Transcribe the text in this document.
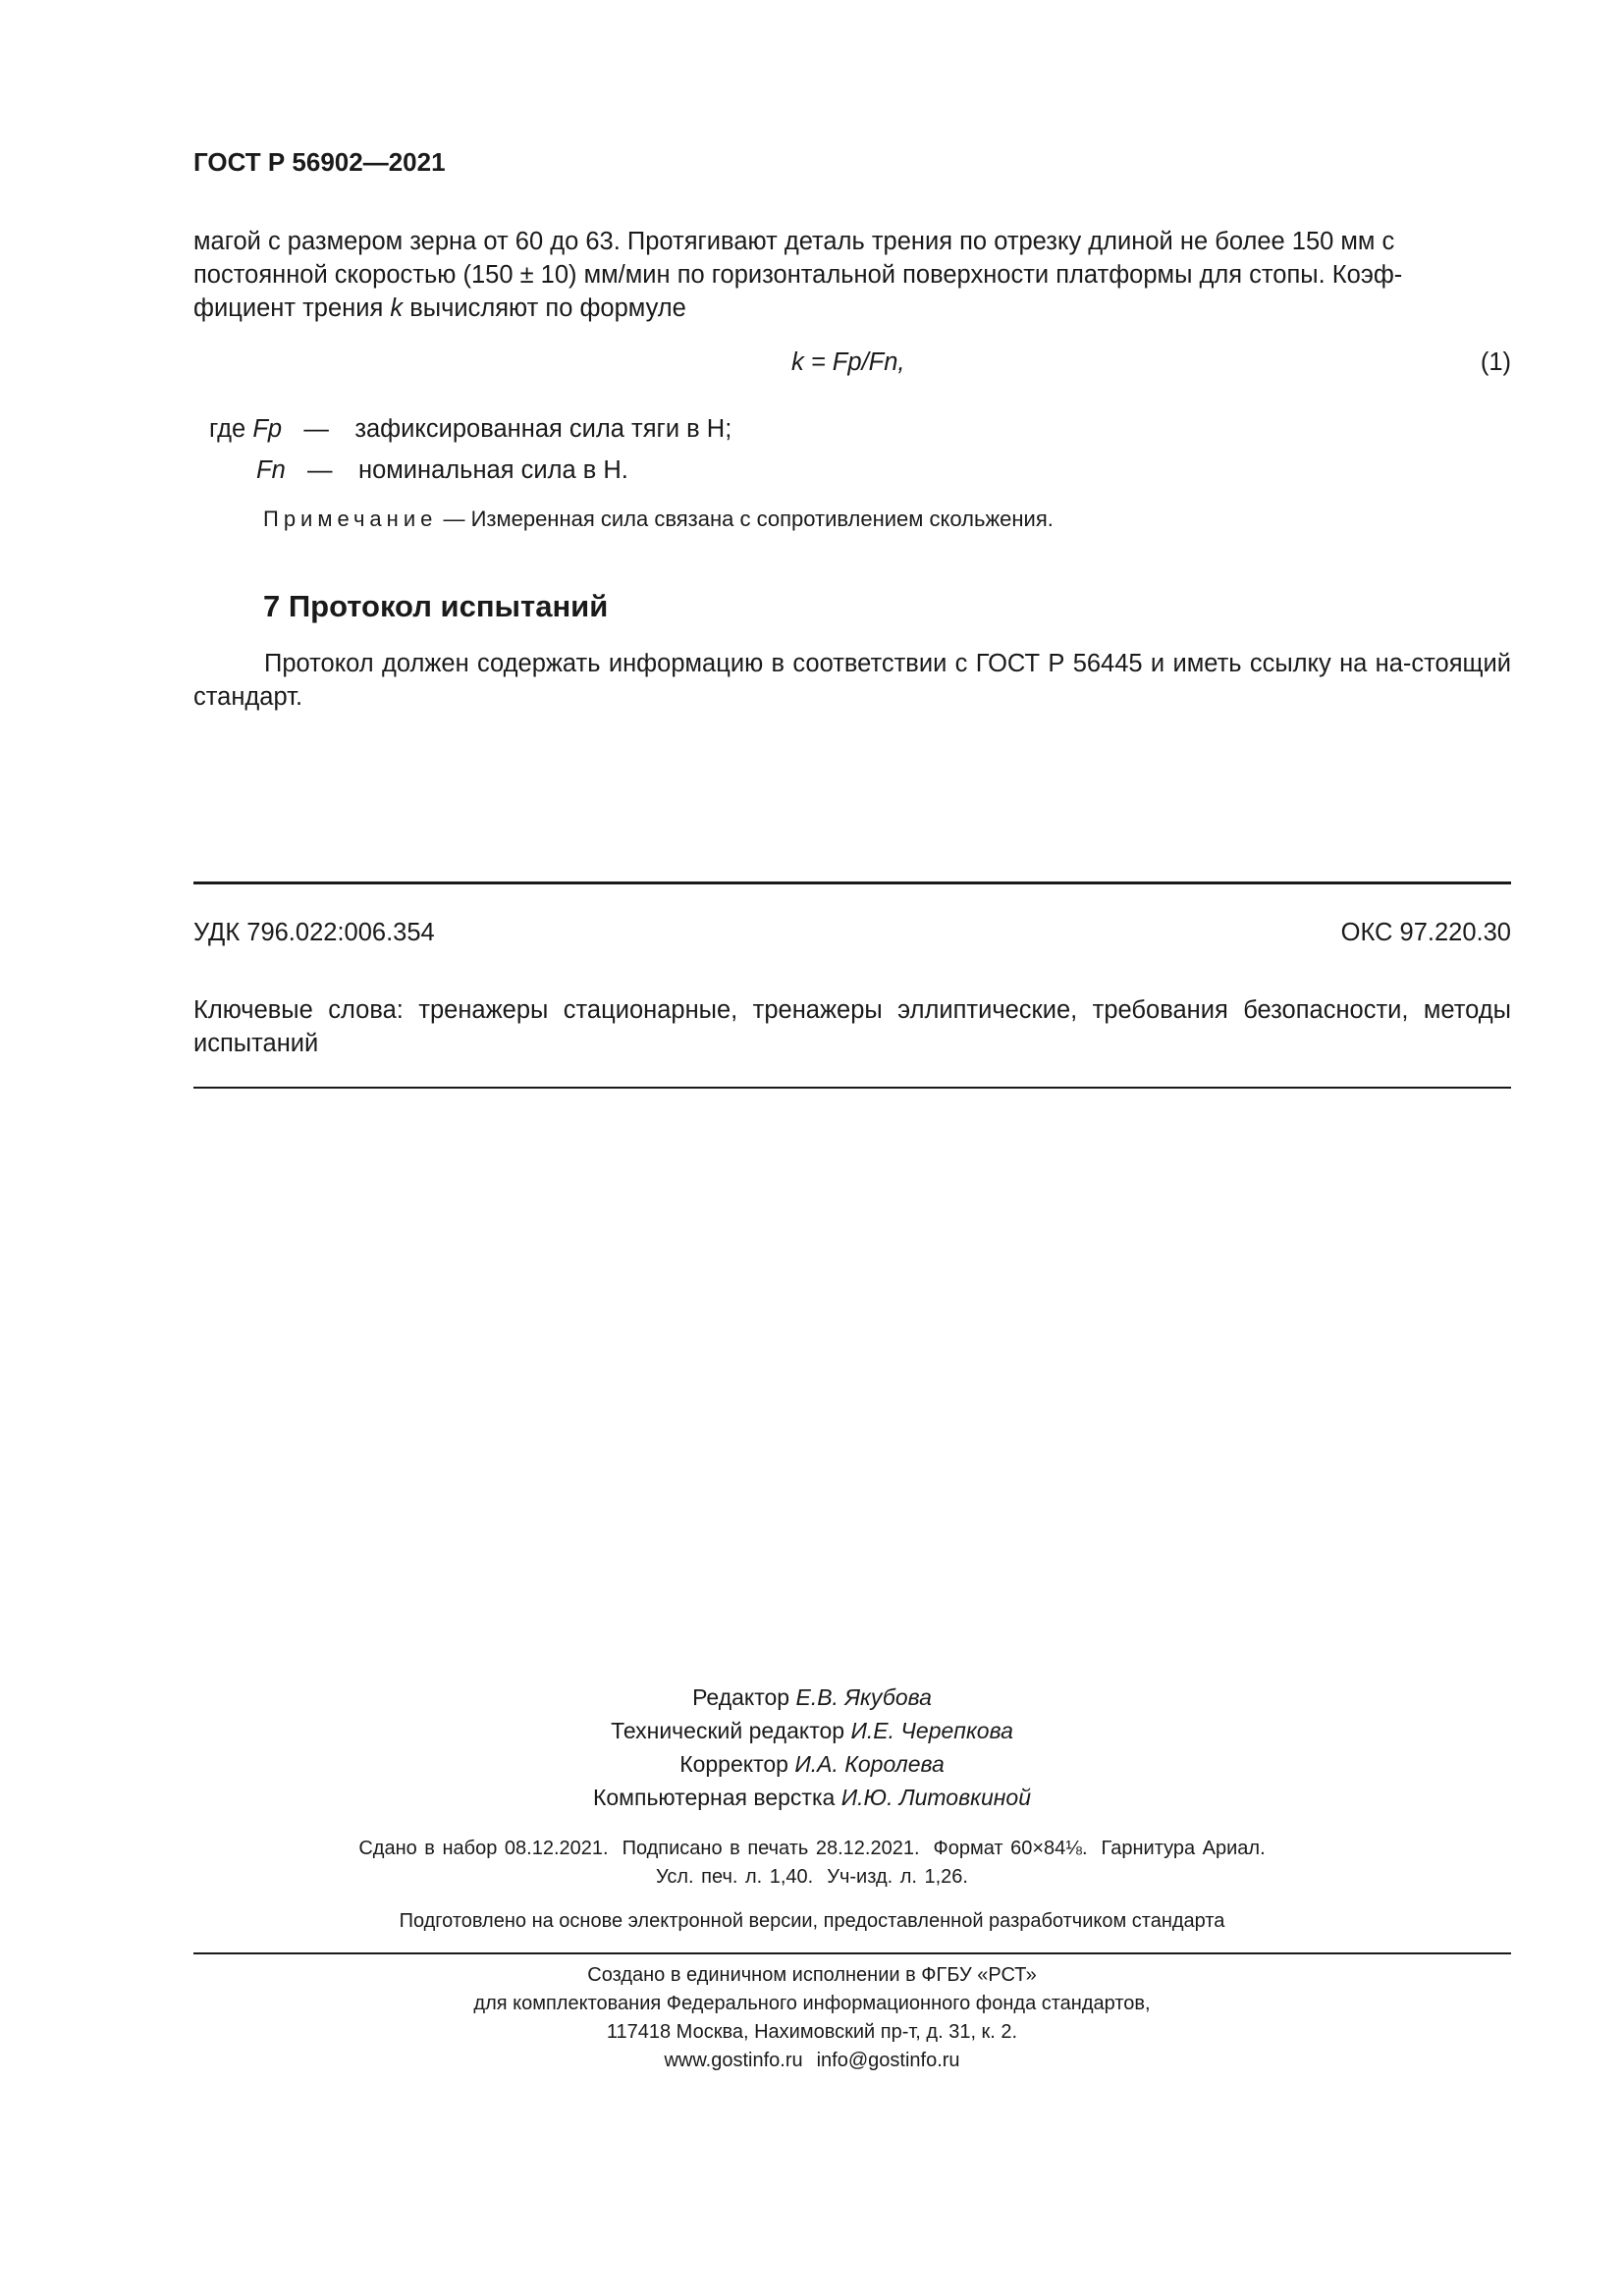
ГОСТ Р 56902—2021
магой с размером зерна от 60 до 63. Протягивают деталь трения по отрезку длиной не более 150 мм с
постоянной скоростью (150 ± 10) мм/мин по горизонтальной поверхности платформы для стопы. Коэф-
фициент трения k вычисляют по формуле
k = Fp/Fn,	(1)
где Fp — зафиксированная сила тяги в Н;
Fn — номинальная сила в Н.
Примечание — Измеренная сила связана с сопротивлением скольжения.
7 Протокол испытаний
Протокол должен содержать информацию в соответствии с ГОСТ Р 56445 и иметь ссылку на на-стоящий стандарт.
УДК 796.022:006.354	ОКС 97.220.30
Ключевые слова: тренажеры стационарные, тренажеры эллиптические, требования безопасности, методы испытаний
Редактор Е.В. Якубова
Технический редактор И.Е. Черепкова
Корректор И.А. Королева
Компьютерная верстка И.Ю. Литовкиной
Сдано в набор 08.12.2021. Подписано в печать 28.12.2021. Формат 60×84⅛. Гарнитура Ариал.
Усл. печ. л. 1,40. Уч-изд. л. 1,26.
Подготовлено на основе электронной версии, предоставленной разработчиком стандарта
Создано в единичном исполнении в ФГБУ «РСТ»
для комплектования Федерального информационного фонда стандартов,
117418 Москва, Нахимовский пр-т, д. 31, к. 2.
www.gostinfo.ru info@gostinfo.ru
